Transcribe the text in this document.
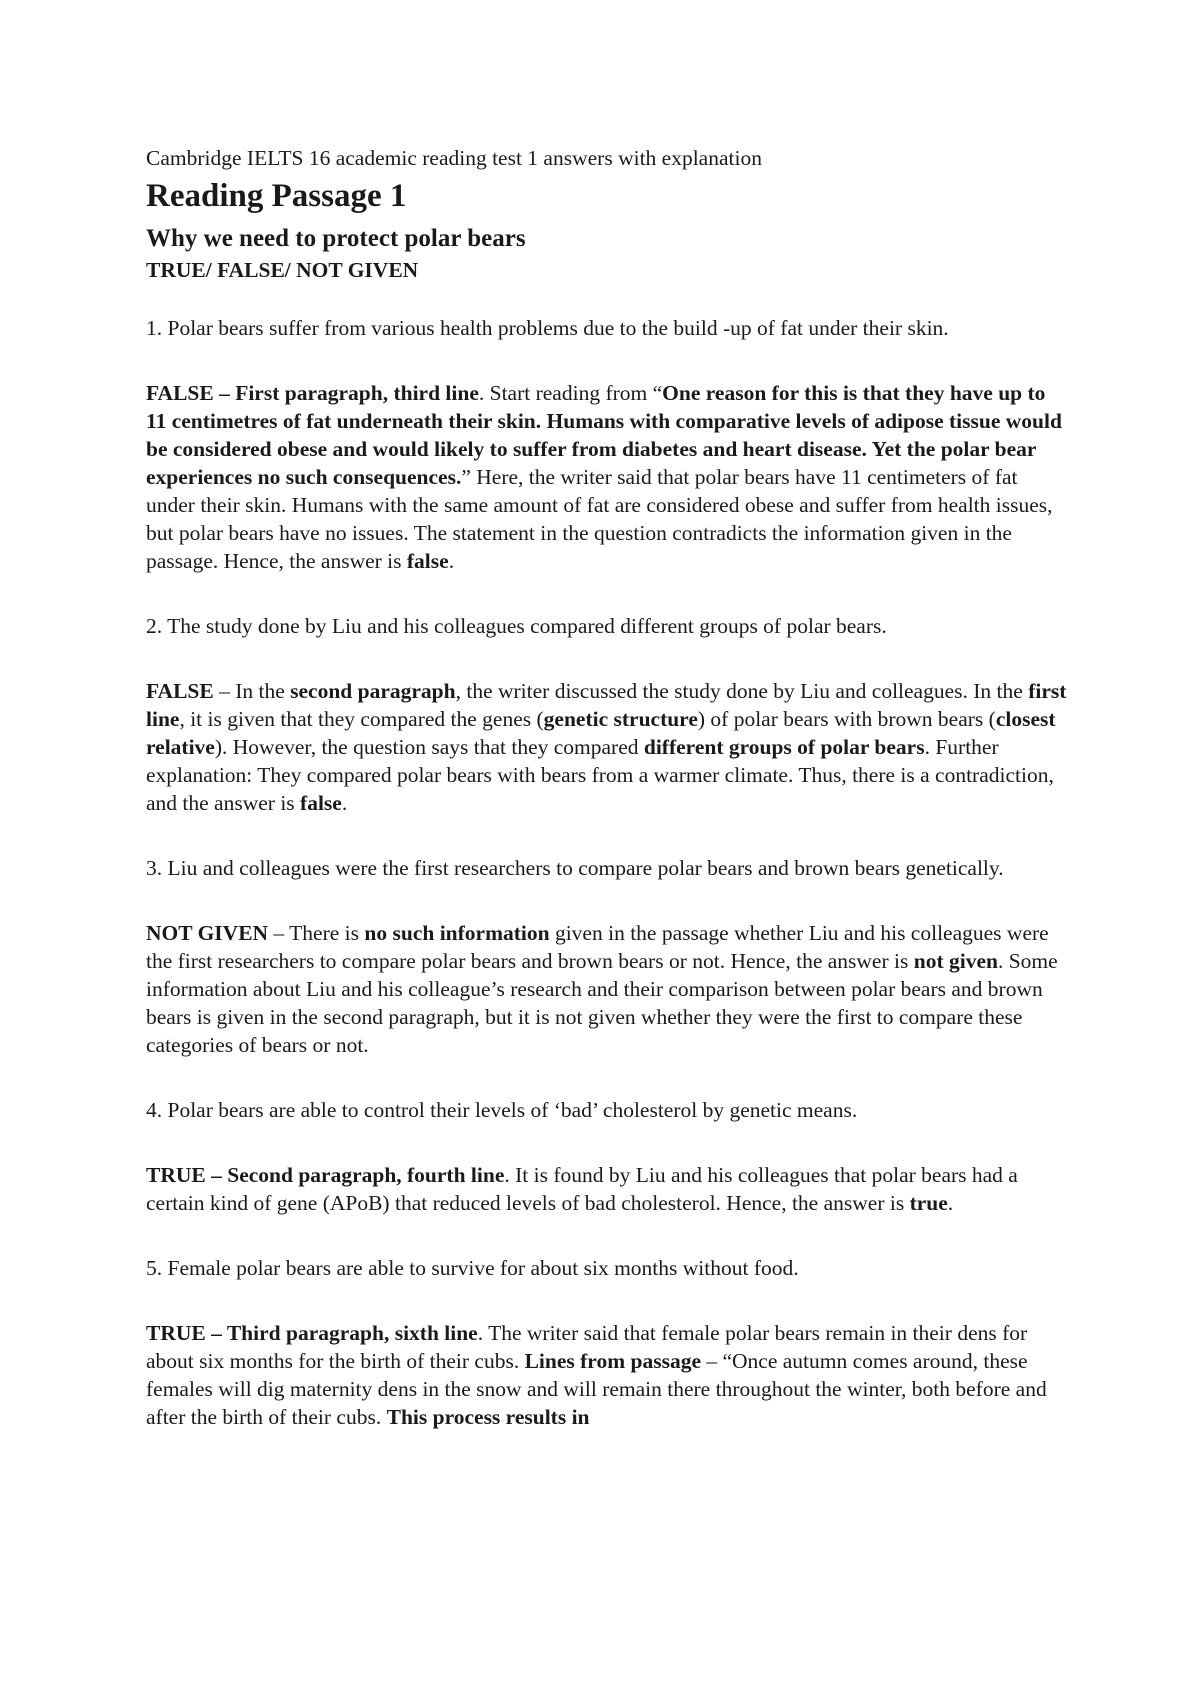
Cambridge IELTS 16 academic reading test 1 answers with explanation
Reading Passage 1
Why we need to protect polar bears
TRUE/ FALSE/ NOT GIVEN

1. Polar bears suffer from various health problems due to the build -up of fat under their skin.

FALSE – First paragraph, third line. Start reading from “One reason for this is that they have up to 11 centimetres of fat underneath their skin. Humans with comparative levels of adipose tissue would be considered obese and would likely to suffer from diabetes and heart disease. Yet the polar bear experiences no such consequences.” Here, the writer said that polar bears have 11 centimeters of fat under their skin. Humans with the same amount of fat are considered obese and suffer from health issues, but polar bears have no issues. The statement in the question contradicts the information given in the passage. Hence, the answer is false.

2. The study done by Liu and his colleagues compared different groups of polar bears.

FALSE – In the second paragraph, the writer discussed the study done by Liu and colleagues. In the first line, it is given that they compared the genes (genetic structure) of polar bears with brown bears (closest relative). However, the question says that they compared different groups of polar bears. Further explanation: They compared polar bears with bears from a warmer climate. Thus, there is a contradiction, and the answer is false.

3. Liu and colleagues were the first researchers to compare polar bears and brown bears genetically.

NOT GIVEN – There is no such information given in the passage whether Liu and his colleagues were the first researchers to compare polar bears and brown bears or not. Hence, the answer is not given. Some information about Liu and his colleague’s research and their comparison between polar bears and brown bears is given in the second paragraph, but it is not given whether they were the first to compare these categories of bears or not.

4. Polar bears are able to control their levels of ‘bad’ cholesterol by genetic means.

TRUE – Second paragraph, fourth line. It is found by Liu and his colleagues that polar bears had a certain kind of gene (APoB) that reduced levels of bad cholesterol. Hence, the answer is true.

5. Female polar bears are able to survive for about six months without food.

TRUE – Third paragraph, sixth line. The writer said that female polar bears remain in their dens for about six months for the birth of their cubs. Lines from passage – “Once autumn comes around, these females will dig maternity dens in the snow and will remain there throughout the winter, both before and after the birth of their cubs. This process results in
